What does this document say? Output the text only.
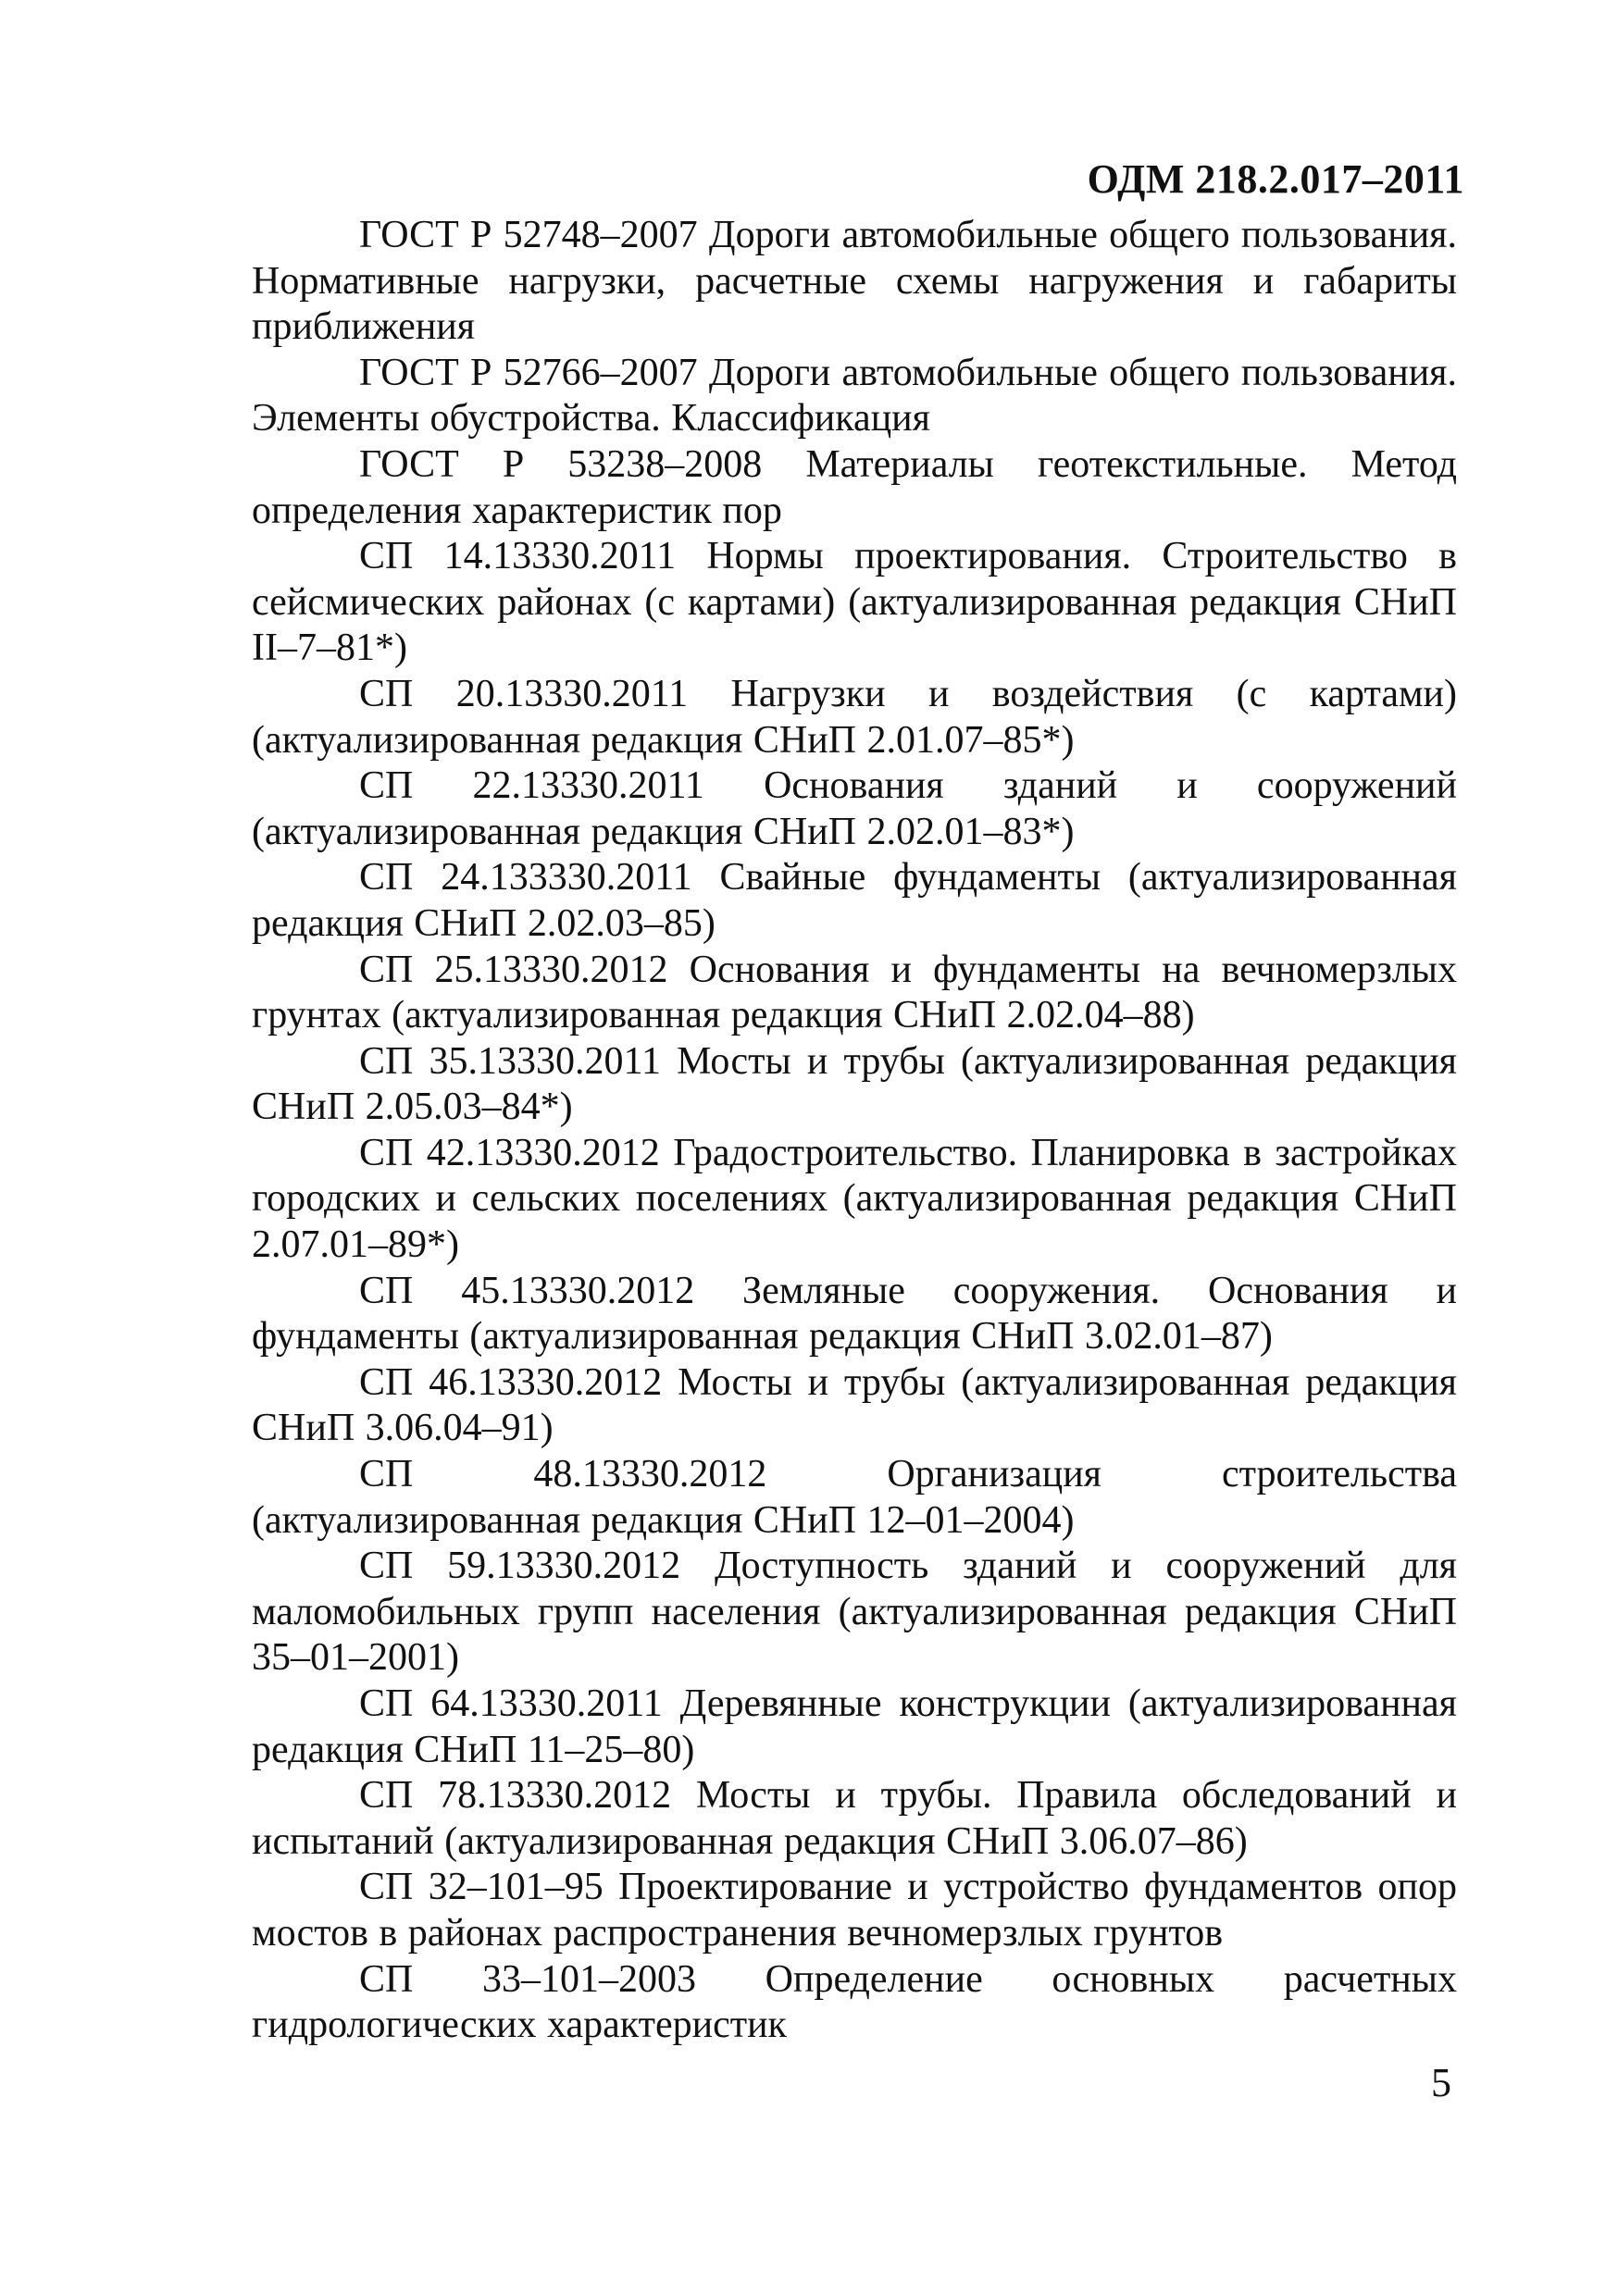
ОДМ 218.2.017–2011
ГОСТ Р 52748–2007 Дороги автомобильные общего пользования. Нормативные нагрузки, расчетные схемы нагружения и габариты приближения
ГОСТ Р 52766–2007 Дороги автомобильные общего пользования. Элементы обустройства. Классификация
ГОСТ Р 53238–2008 Материалы геотекстильные. Метод определения характеристик пор
СП 14.13330.2011 Нормы проектирования. Строительство в сейсмических районах (с картами) (актуализированная редакция СНиП II–7–81*)
СП 20.13330.2011 Нагрузки и воздействия (с картами) (актуализированная редакция СНиП 2.01.07–85*)
СП 22.13330.2011 Основания зданий и сооружений (актуализированная редакция СНиП 2.02.01–83*)
СП 24.133330.2011 Свайные фундаменты (актуализированная редакция СНиП 2.02.03–85)
СП 25.13330.2012 Основания и фундаменты на вечномерзлых грунтах (актуализированная редакция СНиП 2.02.04–88)
СП 35.13330.2011 Мосты и трубы (актуализированная редакция СНиП 2.05.03–84*)
СП 42.13330.2012 Градостроительство. Планировка в застройках городских и сельских поселениях (актуализированная редакция СНиП 2.07.01–89*)
СП 45.13330.2012 Земляные сооружения. Основания и фундаменты (актуализированная редакция СНиП 3.02.01–87)
СП 46.13330.2012 Мосты и трубы (актуализированная редакция СНиП 3.06.04–91)
СП 48.13330.2012 Организация строительства (актуализированная редакция СНиП 12–01–2004)
СП 59.13330.2012 Доступность зданий и сооружений для маломобильных групп населения (актуализированная редакция СНиП 35–01–2001)
СП 64.13330.2011 Деревянные конструкции (актуализированная редакция СНиП 11–25–80)
СП 78.13330.2012 Мосты и трубы. Правила обследований и испытаний (актуализированная редакция СНиП 3.06.07–86)
СП 32–101–95 Проектирование и устройство фундаментов опор мостов в районах распространения вечномерзлых грунтов
СП 33–101–2003 Определение основных расчетных гидрологических характеристик
5
